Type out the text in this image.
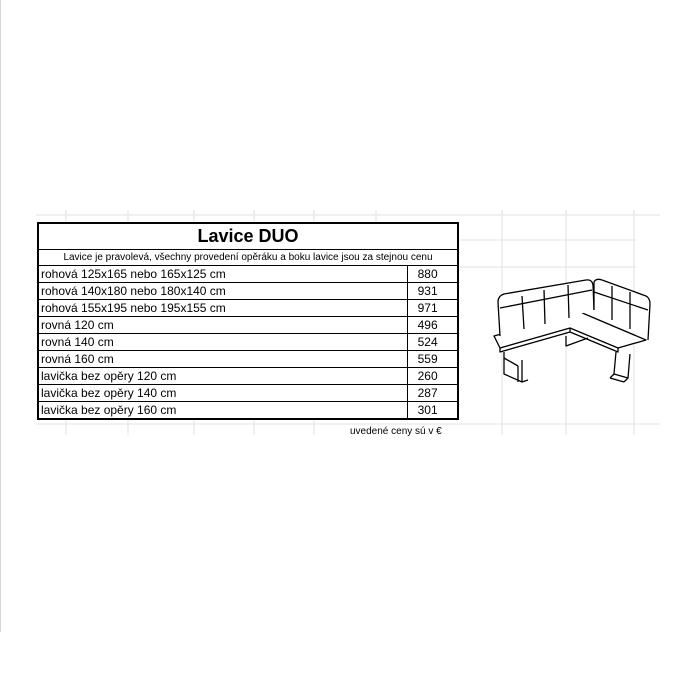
Lavice DUO	
Lavice je pravolevá, všechny provedení opěráku a boku lavice jsou za stejnou cenu	
rohová 125x165 nebo 165x125 cm	880
rohová 140x180 nebo 180x140 cm	931
rohová 155x195 nebo 195x155 cm	971
rovná 120 cm	496
rovná 140 cm	524
rovná 160 cm	559
lavička bez opěry 120 cm	260
lavička bez opěry 140 cm	287
lavička bez opěry 160 cm	301
uvedené ceny sú v €
